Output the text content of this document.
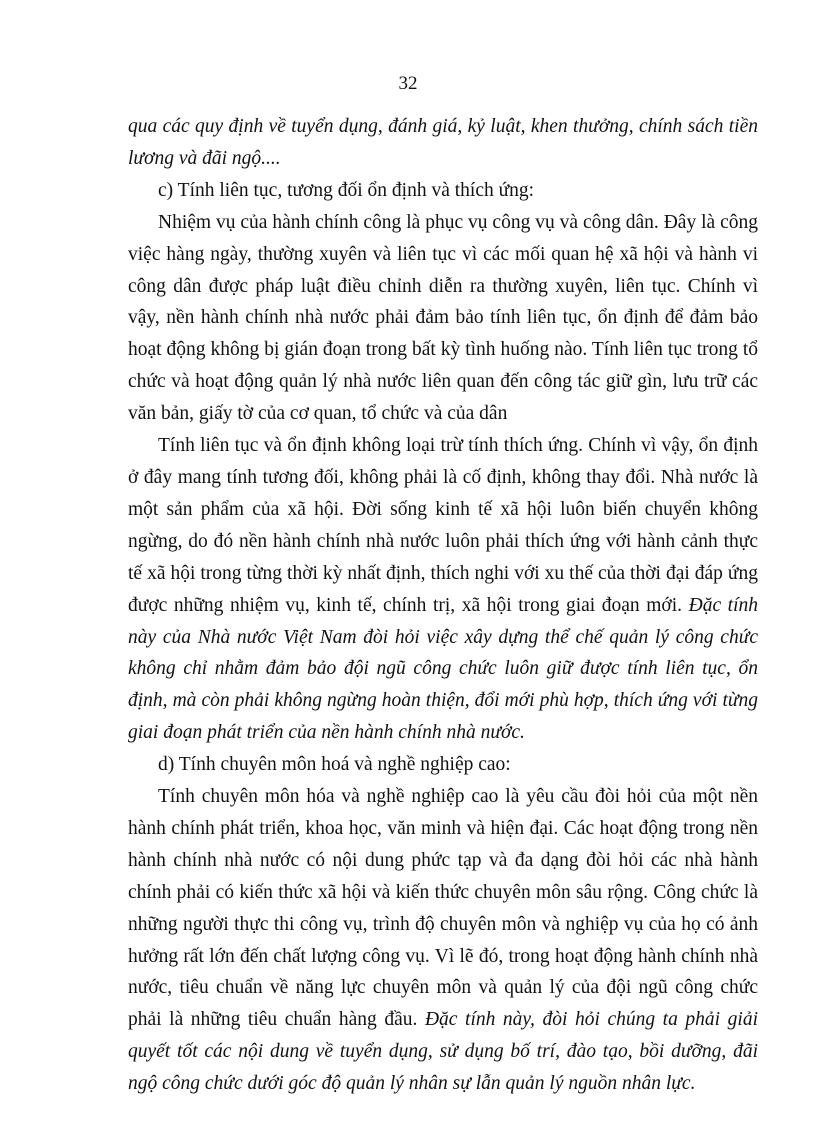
32

qua các quy định về tuyển dụng, đánh giá, kỷ luật, khen thưởng, chính sách tiền lương và đãi ngộ....

c) Tính liên tục, tương đối ổn định và thích ứng:

Nhiệm vụ của hành chính công là phục vụ công vụ và công dân. Đây là công việc hàng ngày, thường xuyên và liên tục vì các mối quan hệ xã hội và hành vi công dân được pháp luật điều chỉnh diễn ra thường xuyên, liên tục. Chính vì vậy, nền hành chính nhà nước phải đảm bảo tính liên tục, ổn định để đảm bảo hoạt động không bị gián đoạn trong bất kỳ tình huống nào. Tính liên tục trong tổ chức và hoạt động quản lý nhà nước liên quan đến công tác giữ gìn, lưu trữ các văn bản, giấy tờ của cơ quan, tổ chức và của dân

Tính liên tục và ổn định không loại trừ tính thích ứng. Chính vì vậy, ổn định ở đây mang tính tương đối, không phải là cố định, không thay đổi. Nhà nước là một sản phẩm của xã hội. Đời sống kinh tế xã hội luôn biến chuyển không ngừng, do đó nền hành chính nhà nước luôn phải thích ứng với hành cảnh thực tế xã hội trong từng thời kỳ nhất định, thích nghi với xu thế của thời đại đáp ứng được những nhiệm vụ, kinh tế, chính trị, xã hội trong giai đoạn mới. Đặc tính này của Nhà nước Việt Nam đòi hỏi việc xây dựng thể chế quản lý công chức không chỉ nhằm đảm bảo đội ngũ công chức luôn giữ được tính liên tục, ổn định, mà còn phải không ngừng hoàn thiện, đổi mới phù hợp, thích ứng với từng giai đoạn phát triển của nền hành chính nhà nước.

d) Tính chuyên môn hoá và nghề nghiệp cao:

Tính chuyên môn hóa và nghề nghiệp cao là yêu cầu đòi hỏi của một nền hành chính phát triển, khoa học, văn minh và hiện đại. Các hoạt động trong nền hành chính nhà nước có nội dung phức tạp và đa dạng đòi hỏi các nhà hành chính phải có kiến thức xã hội và kiến thức chuyên môn sâu rộng. Công chức là những người thực thi công vụ, trình độ chuyên môn và nghiệp vụ của họ có ảnh hưởng rất lớn đến chất lượng công vụ. Vì lẽ đó, trong hoạt động hành chính nhà nước, tiêu chuẩn về năng lực chuyên môn và quản lý của đội ngũ công chức phải là những tiêu chuẩn hàng đầu. Đặc tính này, đòi hỏi chúng ta phải giải quyết tốt các nội dung về tuyển dụng, sử dụng bố trí, đào tạo, bồi dưỡng, đãi ngộ công chức dưới góc độ quản lý nhân sự lẫn quản lý nguồn nhân lực.
